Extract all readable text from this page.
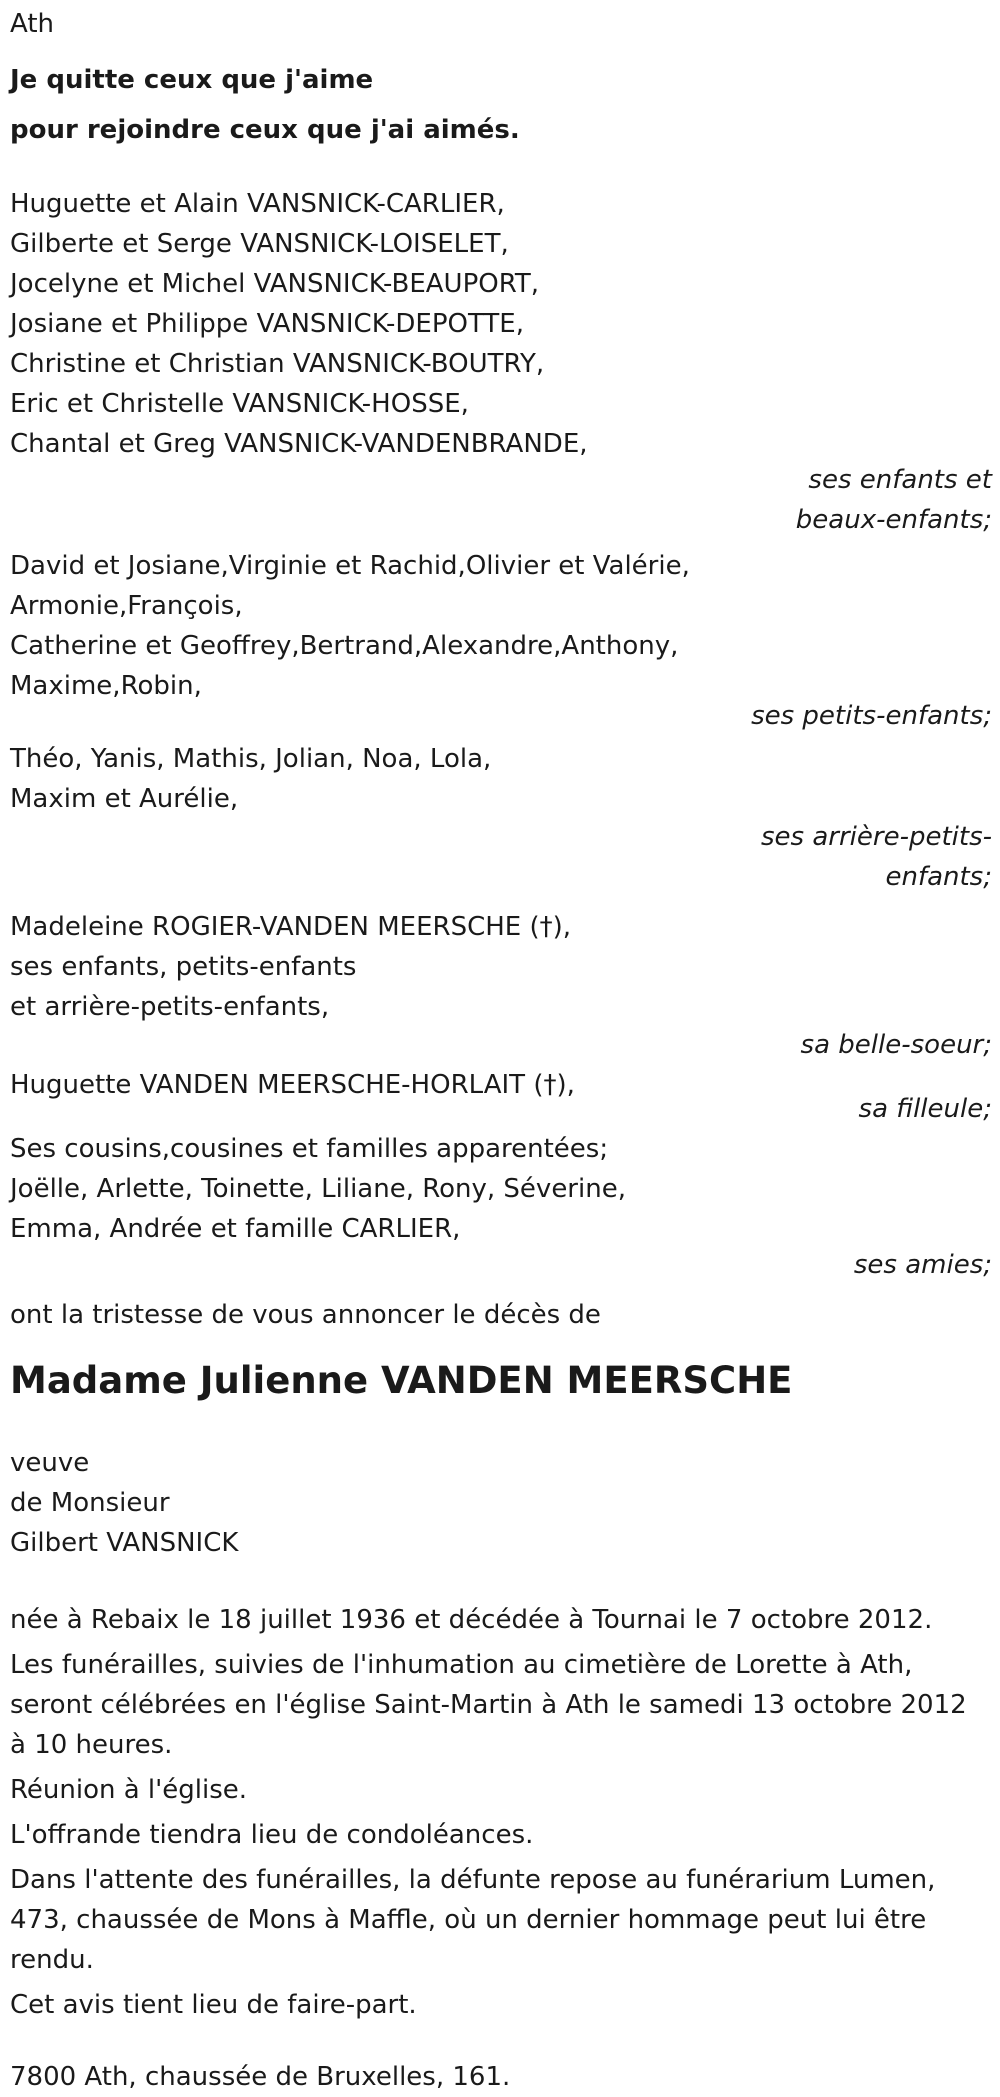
Ath
Je quitte ceux que j'aime
pour rejoindre ceux que j'ai aimés.
Huguette et Alain VANSNICK-CARLIER,
Gilberte et Serge VANSNICK-LOISELET,
Jocelyne et Michel VANSNICK-BEAUPORT,
Josiane et Philippe VANSNICK-DEPOTTE,
Christine et Christian VANSNICK-BOUTRY,
Eric et Christelle VANSNICK-HOSSE,
Chantal et Greg VANSNICK-VANDENBRANDE,
ses enfants et
beaux-enfants;
David et Josiane,Virginie et Rachid,Olivier et Valérie,
Armonie,François,
Catherine et Geoffrey,Bertrand,Alexandre,Anthony,
Maxime,Robin,
ses petits-enfants;
Théo, Yanis, Mathis, Jolian, Noa, Lola,
Maxim et Aurélie,
ses arrière-petits-
enfants;
Madeleine ROGIER-VANDEN MEERSCHE (†),
ses enfants, petits-enfants
et arrière-petits-enfants,
sa belle-soeur;
Huguette VANDEN MEERSCHE-HORLAIT (†),
sa filleule;
Ses cousins,cousines et familles apparentées;
Joëlle, Arlette, Toinette, Liliane, Rony, Séverine,
Emma, Andrée et famille CARLIER,
ses amies;
ont la tristesse de vous annoncer le décès de
Madame Julienne VANDEN MEERSCHE
veuve
de Monsieur
Gilbert VANSNICK
née à Rebaix le 18 juillet 1936 et décédée à Tournai le 7 octobre 2012.
Les funérailles, suivies de l'inhumation au cimetière de Lorette à Ath,
seront célébrées en l'église Saint-Martin à Ath le samedi 13 octobre 2012
à 10 heures.
Réunion à l'église.
L'offrande tiendra lieu de condoléances.
Dans l'attente des funérailles, la défunte repose au funérarium Lumen,
473, chaussée de Mons à Maffle, où un dernier hommage peut lui être
rendu.
Cet avis tient lieu de faire-part.
7800 Ath, chaussée de Bruxelles, 161.
